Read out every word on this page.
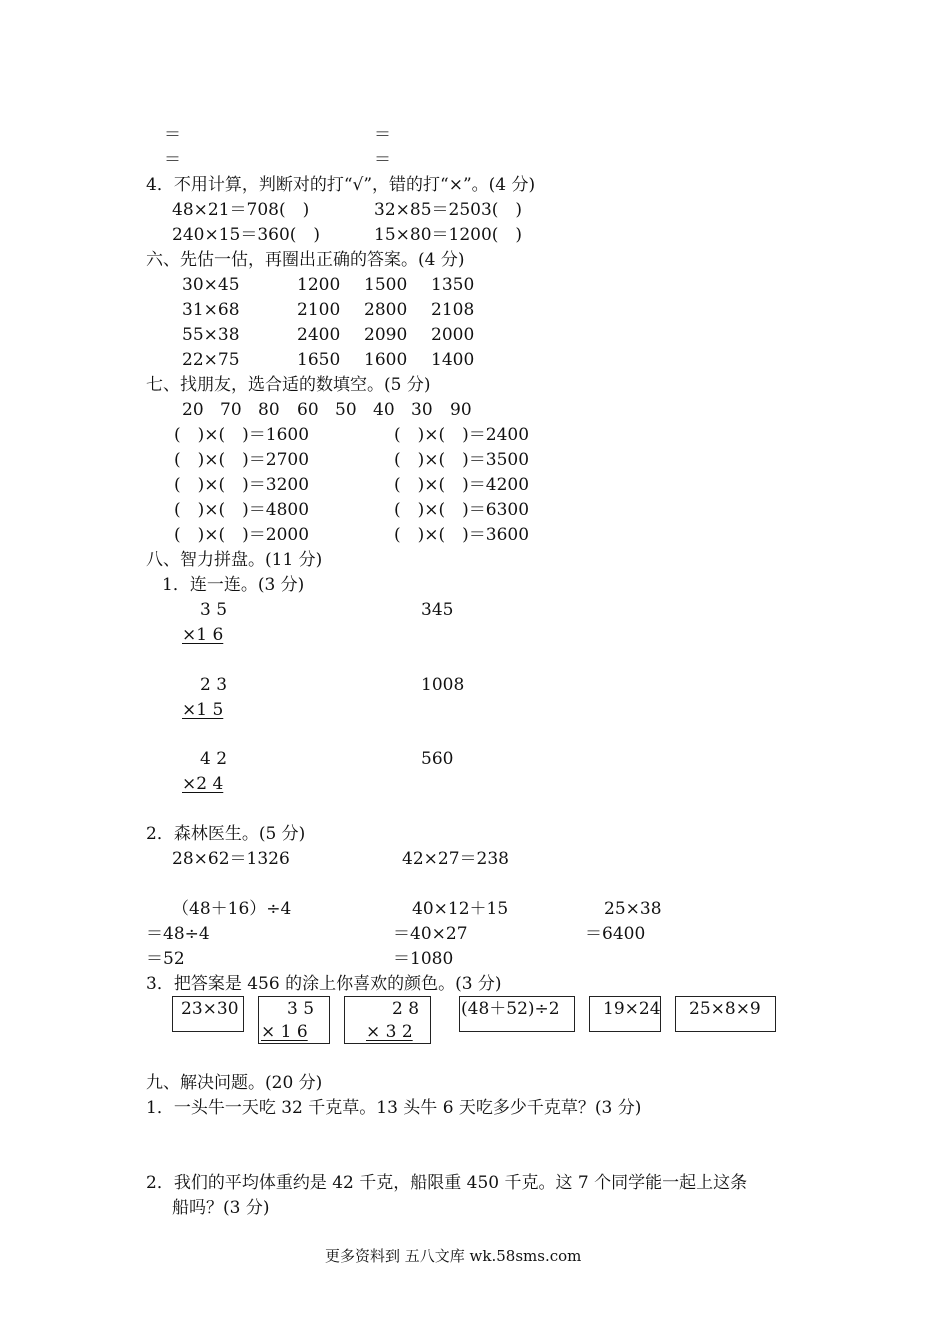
＝	＝
＝	＝
4．不用计算，判断对的打“√”，错的打“×”。(4 分)
48×21＝708(　)	32×85＝2503(　)
240×15＝360(　)	15×80＝1200(　)
六、先估一估，再圈出正确的答案。(4 分)
30×45	1200 1500 1350
31×68	2100 2800 2108
55×38	2400 2090 2000
22×75	1650 1600 1400
七、找朋友，选合适的数填空。(5 分)
20 70 80 60 50 40 30 90
(　)×(　)＝1600	(　)×(　)＝2400
(　)×(　)＝2700	(　)×(　)＝3500
(　)×(　)＝3200	(　)×(　)＝4200
(　)×(　)＝4800	(　)×(　)＝6300
(　)×(　)＝2000	(　)×(　)＝3600
八、智力拼盘。(11 分)
1．连一连。(3 分)
3 5
×1 6
345
2 3
×1 5
1008
4 2
×2 4
560
2．森林医生。(5 分)
28×62＝1326	42×27＝238
（48＋16）÷4
＝48÷4
＝52
40×12＋15
＝40×27
＝1080
25×38
＝6400
3．把答案是 456 的涂上你喜欢的颜色。(3 分)
23×30	3 5
× 1 6
2 8
× 3 2
(48＋52)÷2	19×24 25×8×9
九、解决问题。(20 分)
1．一头牛一天吃 32 千克草。13 头牛 6 天吃多少千克草？(3 分)
2．我们的平均体重约是 42 千克，船限重 450 千克。这 7 个同学能一起上这条
船吗？(3 分)
更多资料到 五八文库 wk.58sms.com
